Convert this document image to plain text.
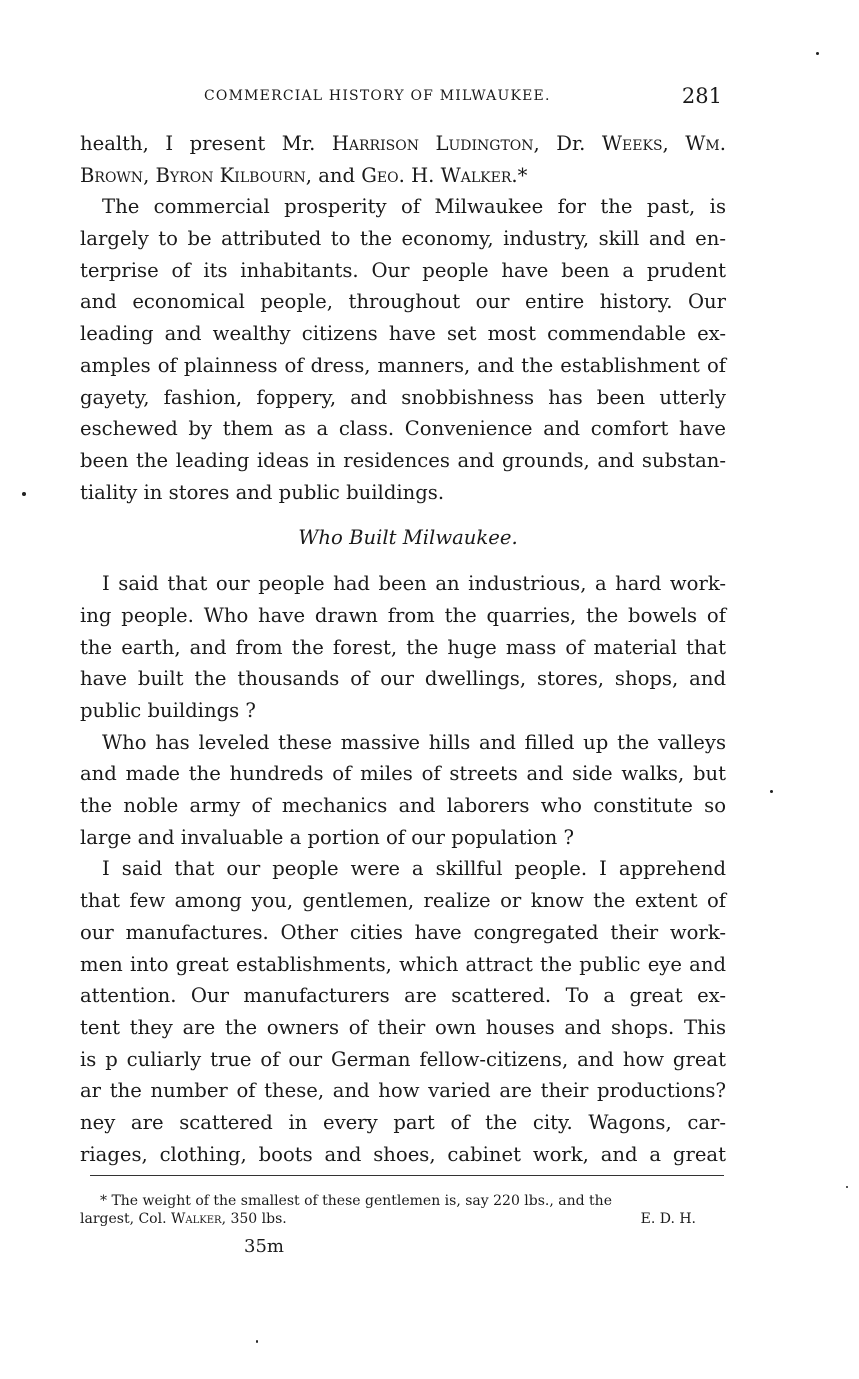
COMMERCIAL HISTORY OF MILWAUKEE.	281
health, I present Mr. Harrison Ludington, Dr. Weeks, Wm.
Brown, Byron Kilbourn, and Geo. H. Walker.*
The commercial prosperity of Milwaukee for the past, is
largely to be attributed to the economy, industry, skill and en-
terprise of its inhabitants. Our people have been a prudent
and economical people, throughout our entire history. Our
leading and wealthy citizens have set most commendable ex-
amples of plainness of dress, manners, and the establishment of
gayety, fashion, foppery, and snobbishness has been utterly
eschewed by them as a class. Convenience and comfort have
been the leading ideas in residences and grounds, and substan-
tiality in stores and public buildings.
Who Built Milwaukee.
I said that our people had been an industrious, a hard work-
ing people. Who have drawn from the quarries, the bowels of
the earth, and from the forest, the huge mass of material that
have built the thousands of our dwellings, stores, shops, and
public buildings ?
Who has leveled these massive hills and filled up the valleys
and made the hundreds of miles of streets and side walks, but
the noble army of mechanics and laborers who constitute so
large and invaluable a portion of our population ?
I said that our people were a skillful people. I apprehend
that few among you, gentlemen, realize or know the extent of
our manufactures. Other cities have congregated their work-
men into great establishments, which attract the public eye and
attention. Our manufacturers are scattered. To a great ex-
tent they are the owners of their own houses and shops. This
is p culiarly true of our German fellow-citizens, and how great
ar the number of these, and how varied are their productions?
ney are scattered in every part of the city. Wagons, car-
riages, clothing, boots and shoes, cabinet work, and a great
* The weight of the smallest of these gentlemen is, say 220 lbs., and the
largest, Col. Walker, 350 lbs.	E. D. H.
35m
